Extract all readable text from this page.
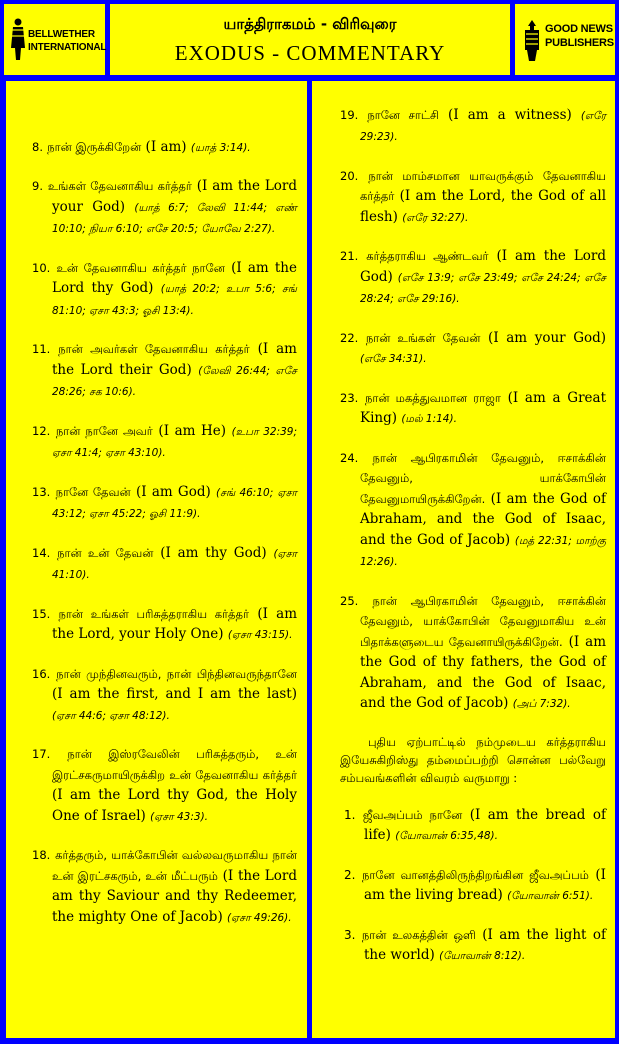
BELLWETHER
INTERNATIONAL
யாத்திராகமம் - விரிவுரை
EXODUS - COMMENTARY
GOOD NEWS
PUBLISHERS

8. நான் இருக்கிறேன் (I am) (யாத் 3:14).

9. உங்கள் தேவனாகிய கர்த்தர் (I am the Lord your God) (யாத் 6:7; லேவி 11:44; எண் 10:10; நியா 6:10; எசே 20:5; யோவே 2:27).

10. உன் தேவனாகிய கர்த்தர் நானே (I am the Lord thy God) (யாத் 20:2; உபா 5:6; சங் 81:10; ஏசா 43:3; ஓசி 13:4).

11. நான் அவர்கள் தேவனாகிய கர்த்தர் (I am the Lord their God) (லேவி 26:44; எசே 28:26; சக 10:6).

12. நான் நானே அவர் (I am He) (உபா 32:39; ஏசா 41:4; ஏசா 43:10).

13. நானே தேவன் (I am God) (சங் 46:10; ஏசா 43:12; ஏசா 45:22; ஓசி 11:9).

14. நான் உன் தேவன் (I am thy God) (ஏசா 41:10).

15. நான் உங்கள் பரிசுத்தராகிய கர்த்தர் (I am the Lord, your Holy One) (ஏசா 43:15).

16. நான் முந்தினவரும், நான் பிந்தினவருந்தானே (I am the first, and I am the last) (ஏசா 44:6; ஏசா 48:12).

17. நான் இஸ்ரவேலின் பரிசுத்தரும், உன் இரட்சகருமாயிருக்கிற உன் தேவனாகிய கர்த்தர் (I am the Lord thy God, the Holy One of Israel) (ஏசா 43:3).

18. கர்த்தரும், யாக்கோபின் வல்லவருமாகிய நான் உன் இரட்சகரும், உன் மீட்பரும் (I the Lord am thy Saviour and thy Redeemer, the mighty One of Jacob) (ஏசா 49:26).

19. நானே சாட்சி (I am a witness) (எரே 29:23).

20. நான் மாம்சமான யாவருக்கும் தேவனாகிய கர்த்தர் (I am the Lord, the God of all flesh) (எரே 32:27).

21. கர்த்தராகிய ஆண்டவர் (I am the Lord God) (எசே 13:9; எசே 23:49; எசே 24:24; எசே 28:24; எசே 29:16).

22. நான் உங்கள் தேவன் (I am your God) (எசே 34:31).

23. நான் மகத்துவமான ராஜா (I am a Great King) (மல் 1:14).

24. நான் ஆபிரகாமின் தேவனும், ஈசாக்கின் தேவனும், யாக்கோபின் தேவனுமாயிருக்கிறேன். (I am the God of Abraham, and the God of Isaac, and the God of Jacob) (மத் 22:31; மாற்கு 12:26).

25. நான் ஆபிரகாமின் தேவனும், ஈசாக்கின் தேவனும், யாக்கோபின் தேவனுமாகிய உன் பிதாக்களுடைய தேவனாயிருக்கிறேன். (I am the God of thy fathers, the God of Abraham, and the God of Isaac, and the God of Jacob) (அப் 7:32).

புதிய ஏற்பாட்டில் நம்முடைய கர்த்தராகிய இயேசுகிறிஸ்து தம்மைப்பற்றி சொன்ன பல்வேறு சம்பவங்களின் விவரம் வருமாறு :

1. ஜீவஅப்பம் நானே (I am the bread of life) (யோவான் 6:35,48).

2. நானே வானத்திலிருந்திறங்கின ஜீவஅப்பம் (I am the living bread) (யோவான் 6:51).

3. நான் உலகத்தின் ஒளி (I am the light of the world) (யோவான் 8:12).
